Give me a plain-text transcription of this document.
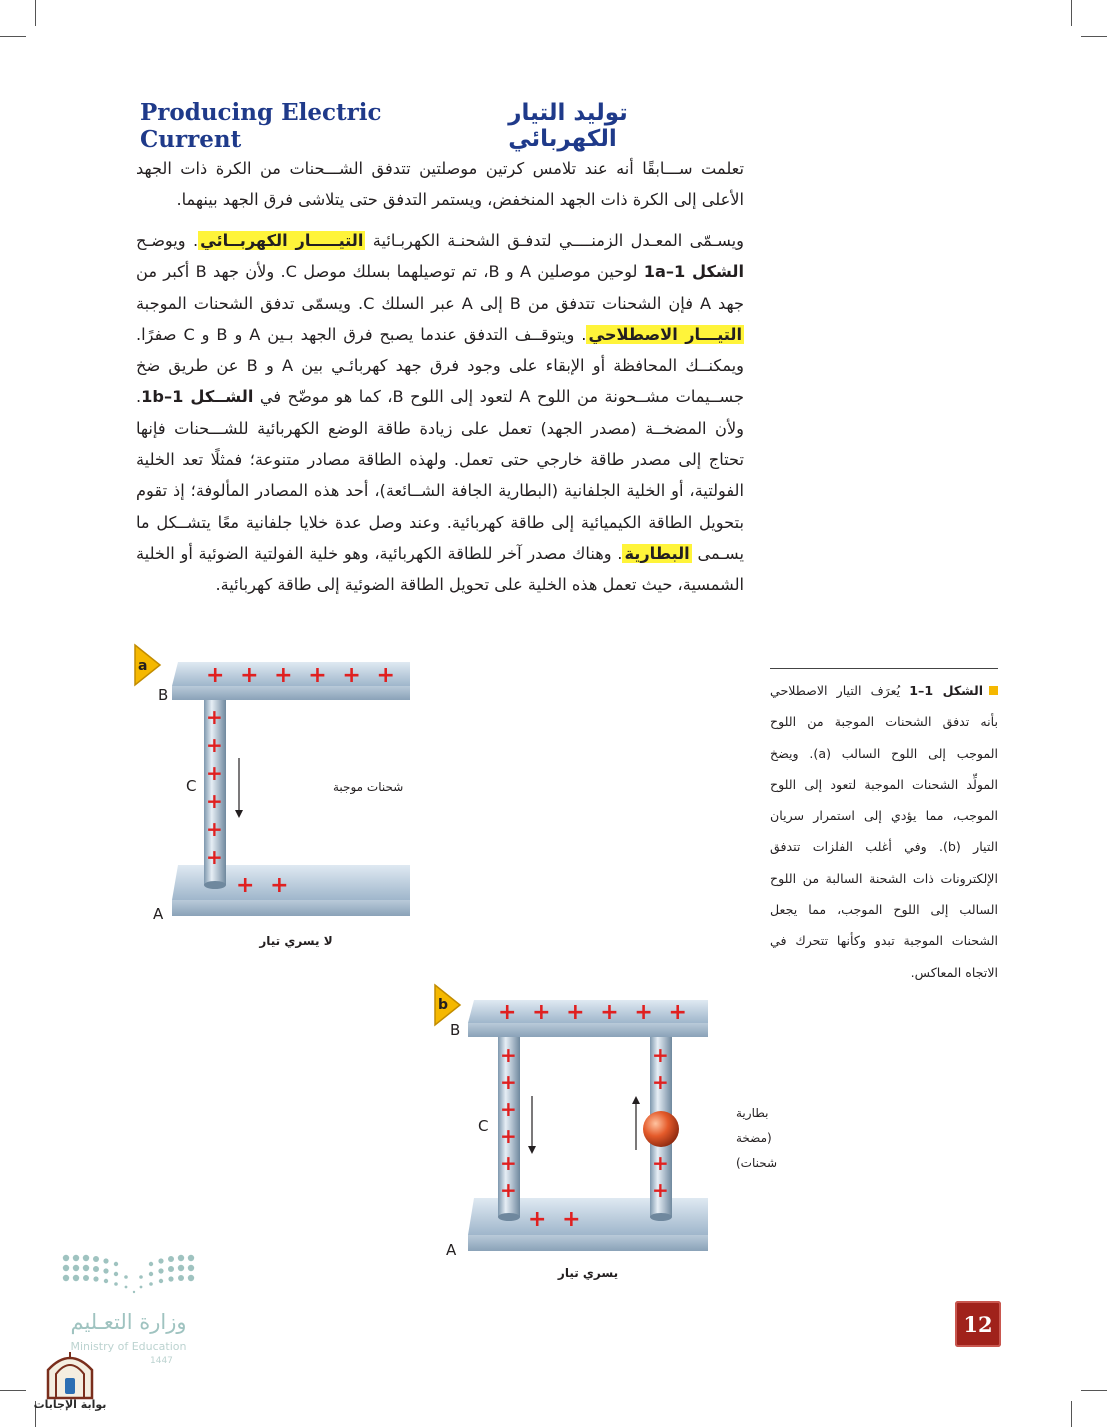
Producing Electric Current
توليد التيار الكهربائي
تعلمت ســـابقًا أنه عند تلامس كرتين موصلتين تتدفق الشـــحنات من الكرة ذات الجهد الأعلى إلى الكرة ذات الجهد المنخفض، ويستمر التدفق حتى يتلاشى فرق الجهد بينهما.
ويسـمّى المعـدل الزمنــــي لتدفـق الشحنـة الكهربـائية التيـــــار الكهربــائي. ويوضـح الشكل 1a–1 لوحين موصلين A و B، تم توصيلهما بسلك موصل C. ولأن جهد B أكبر من جهد A فإن الشحنات تتدفق من B إلى A عبر السلك C. ويسمّى تدفق الشحنات الموجبة التيـــار الاصطلاحي. ويتوقــف التدفق عندما يصبح فرق الجهد بـين A و B و C صفرًا. ويمكنــك المحافظة أو الإبقاء على وجود فرق جهد كهربائـي بين A و B عن طريق ضخ جســيمات مشــحونة من اللوح A لتعود إلى اللوح B، كما هو موضّح في الشــكل 1b–1. ولأن المضخــة (مصدر الجهد) تعمل على زيادة طاقة الوضع الكهربائية للشـــحنات فإنها تحتاج إلى مصدر طاقة خارجي حتى تعمل. ولهذه الطاقة مصادر متنوعة؛ فمثلًا تعد الخلية الفولتية، أو الخلية الجلفانية (البطارية الجافة الشــائعة)، أحد هذه المصادر المألوفة؛ إذ تقوم بتحويل الطاقة الكيميائية إلى طاقة كهربائية. وعند وصل عدة خلايا جلفانية معًا يتشــكل ما يسـمى البطارية. وهناك مصدر آخر للطاقة الكهربائية، وهو خلية الفولتية الضوئية أو الخلية الشمسية، حيث تعمل هذه الخلية على تحويل الطاقة الضوئية إلى طاقة كهربائية.
الشكل 1–1 يُعرَف التيار الاصطلاحي بأنه تدفق الشحنات الموجبة من اللوح الموجب إلى اللوح السالب (a). ويضخ المولِّد الشحنات الموجبة لتعود إلى اللوح الموجب، مما يؤدي إلى استمرار سريان التيار (b). وفي أغلب الفلزات تتدفق الإلكترونات ذات الشحنة السالبة من اللوح السالب إلى اللوح الموجب، مما يجعل الشحنات الموجبة تبدو وكأنها تتحرك في الاتجاه المعاكس.
+ + + + + +
+ +
+
+
+
+
+
+
a
B
C
A
شحنات موجبة
لا يسري تيار
+ + + + + +
+ +
+
+
+
+
+
+
+
+
+
+
b
B
C
A
بطارية
(مضخة
شحنات)
يسري تيار
وزارة التعـليم
Ministry of Education
1447
بوابة الإجابات
12
